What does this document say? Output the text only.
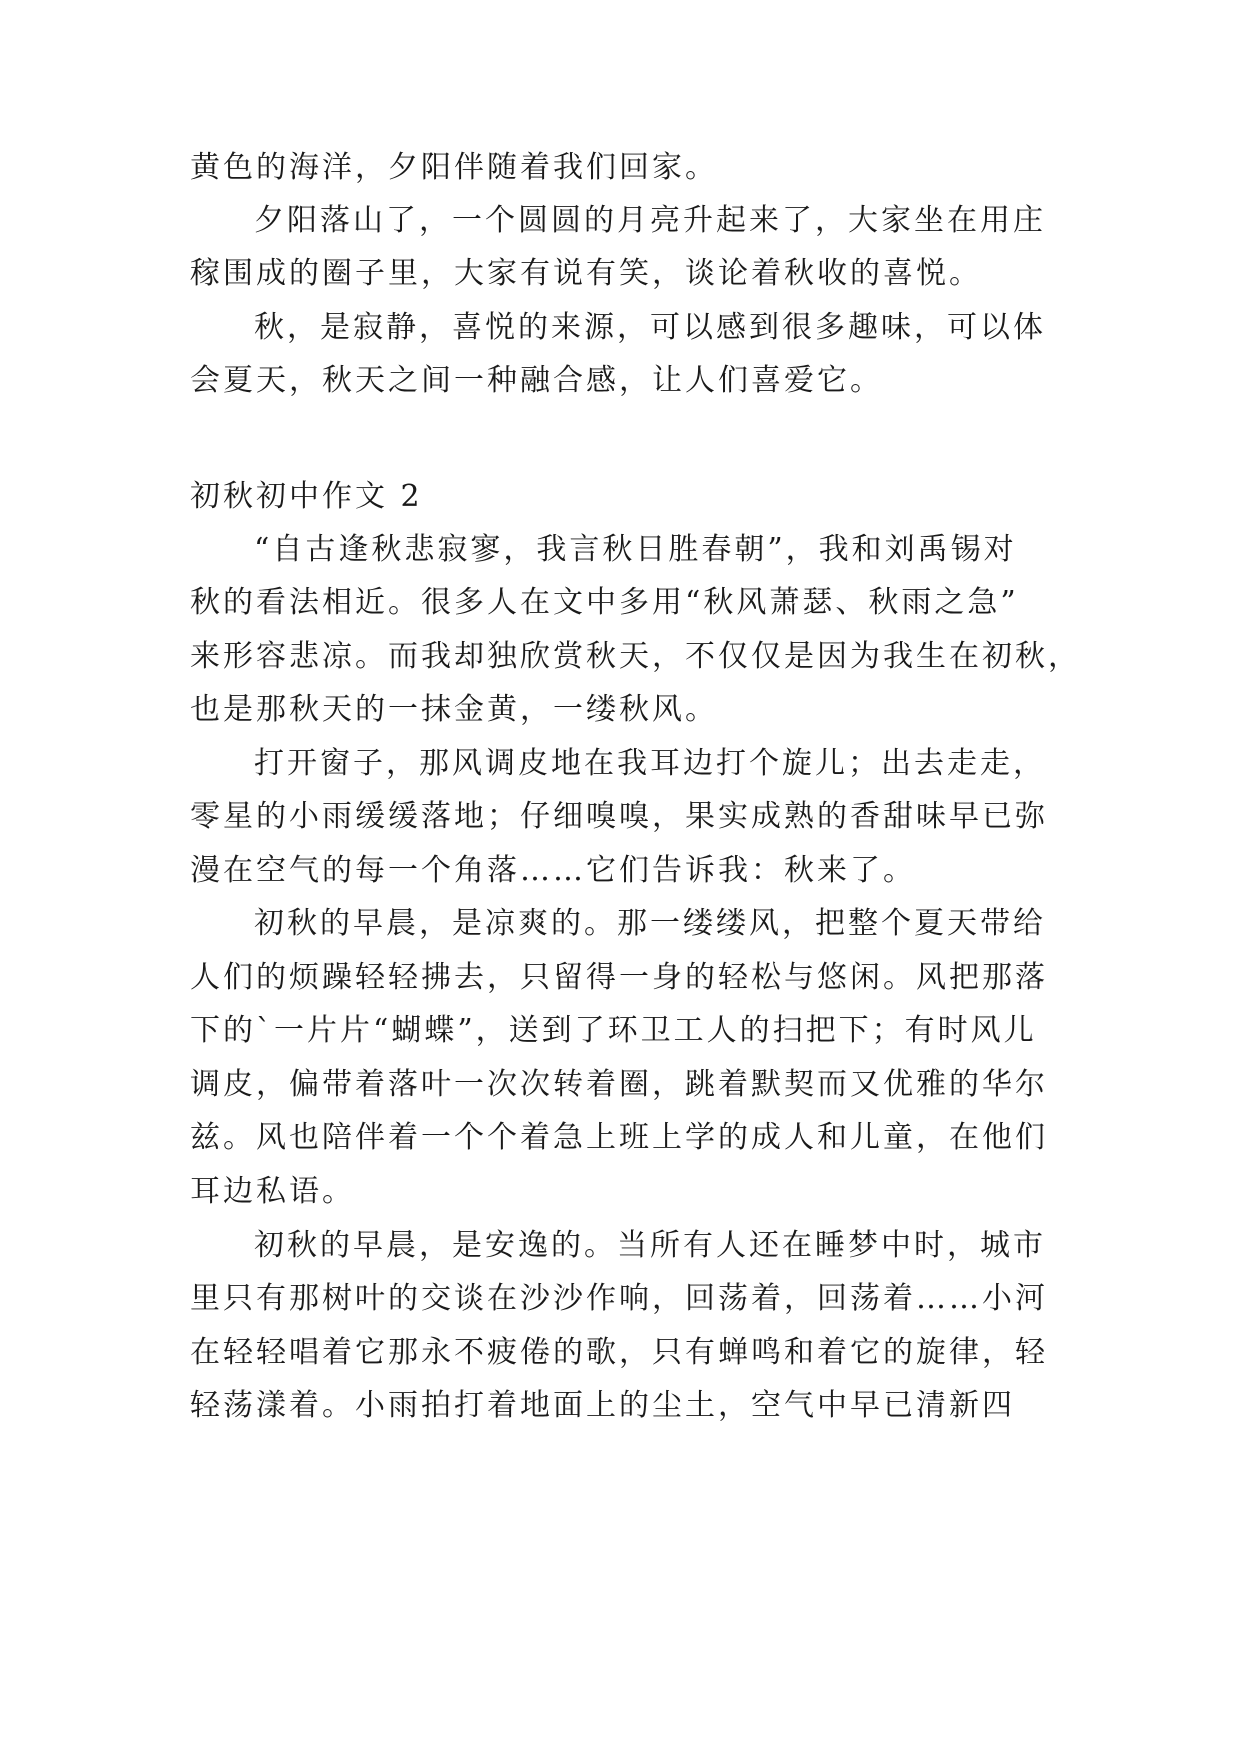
黄色的海洋，夕阳伴随着我们回家。
夕阳落山了，一个圆圆的月亮升起来了，大家坐在用庄
稼围成的圈子里，大家有说有笑，谈论着秋收的喜悦。
秋，是寂静，喜悦的来源，可以感到很多趣味，可以体
会夏天，秋天之间一种融合感，让人们喜爱它。
初秋初中作文 2
“自古逢秋悲寂寥，我言秋日胜春朝”，我和刘禹锡对
秋的看法相近。很多人在文中多用“秋风萧瑟、秋雨之急”
来形容悲凉。而我却独欣赏秋天，不仅仅是因为我生在初秋，
也是那秋天的一抹金黄，一缕秋风。
打开窗子，那风调皮地在我耳边打个旋儿；出去走走，
零星的小雨缓缓落地；仔细嗅嗅，果实成熟的香甜味早已弥
漫在空气的每一个角落……它们告诉我：秋来了。
初秋的早晨，是凉爽的。那一缕缕风，把整个夏天带给
人们的烦躁轻轻拂去，只留得一身的轻松与悠闲。风把那落
下的`一片片“蝴蝶”，送到了环卫工人的扫把下；有时风儿
调皮，偏带着落叶一次次转着圈，跳着默契而又优雅的华尔
兹。风也陪伴着一个个着急上班上学的成人和儿童，在他们
耳边私语。
初秋的早晨，是安逸的。当所有人还在睡梦中时，城市
里只有那树叶的交谈在沙沙作响，回荡着，回荡着……小河
在轻轻唱着它那永不疲倦的歌，只有蝉鸣和着它的旋律，轻
轻荡漾着。小雨拍打着地面上的尘土，空气中早已清新四
